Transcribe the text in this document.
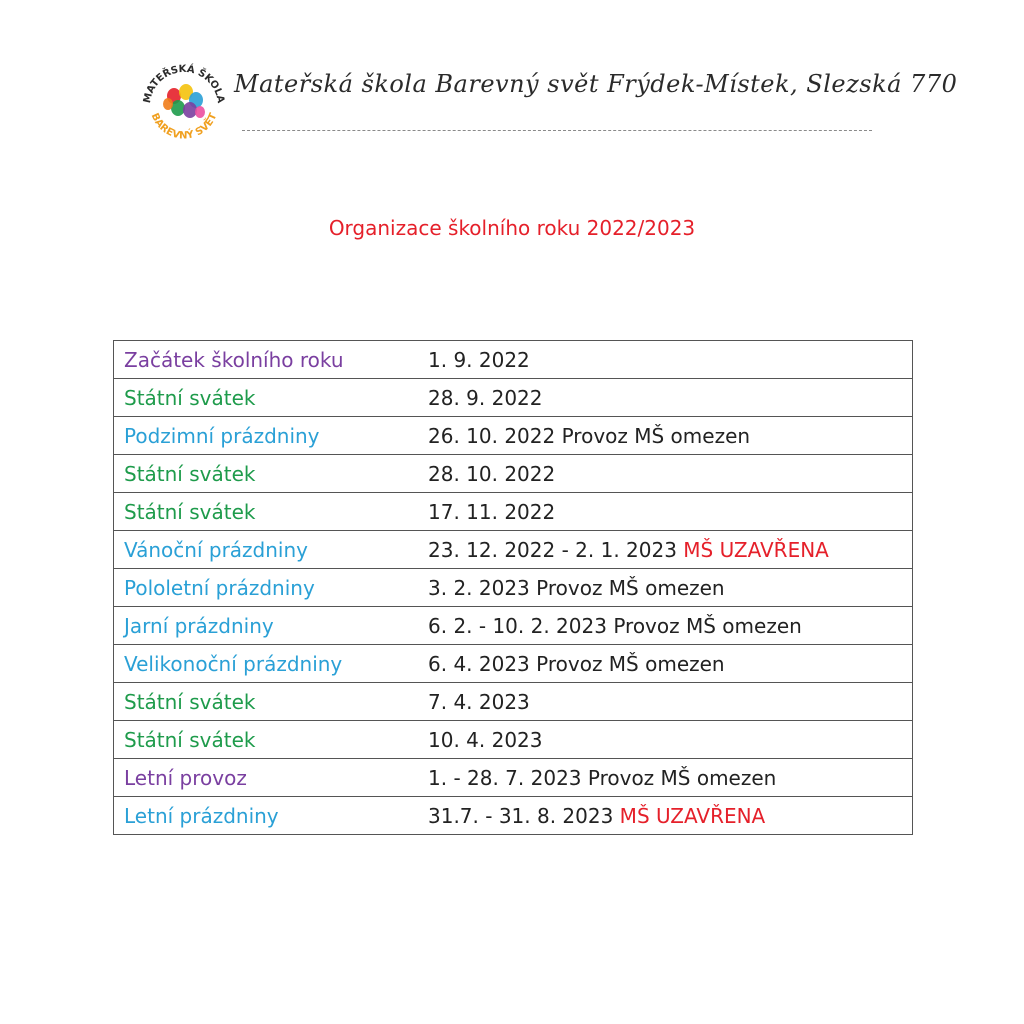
MATEŘSKÁ ŠKOLA
BAREVNÝ SVĚT
Mateřská škola Barevný svět Frýdek-Místek, Slezská 770
Organizace školního roku 2022/2023
Začátek školního roku	1. 9. 2022
Státní svátek	28. 9. 2022
Podzimní prázdniny	26. 10. 2022 Provoz MŠ omezen
Státní svátek	28. 10. 2022
Státní svátek	17. 11. 2022
Vánoční prázdniny	23. 12. 2022 - 2. 1. 2023 MŠ UZAVŘENA
Pololetní prázdniny	3. 2. 2023 Provoz MŠ omezen
Jarní prázdniny	6. 2. - 10. 2. 2023 Provoz MŠ omezen
Velikonoční prázdniny	6. 4. 2023 Provoz MŠ omezen
Státní svátek	7. 4. 2023
Státní svátek	10. 4. 2023
Letní provoz	1. - 28. 7. 2023 Provoz MŠ omezen
Letní prázdniny	31.7. - 31. 8. 2023 MŠ UZAVŘENA
